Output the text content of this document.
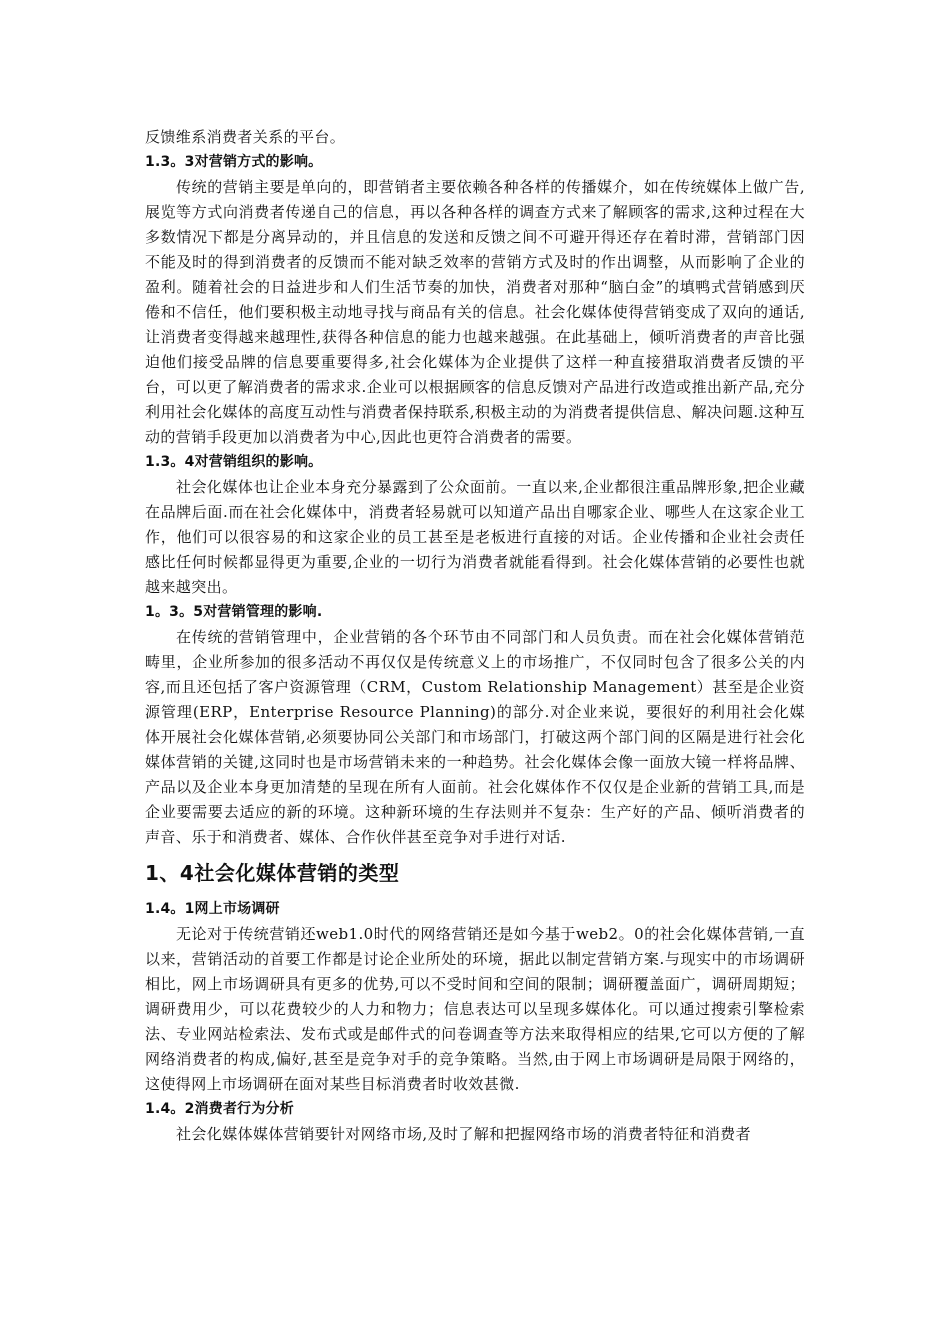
反馈维系消费者关系的平台。

1.3。3对营销方式的影响。

传统的营销主要是单向的，即营销者主要依赖各种各样的传播媒介，如在传统媒体上做广告,展览等方式向消费者传递自己的信息，再以各种各样的调查方式来了解顾客的需求,这种过程在大多数情况下都是分离异动的，并且信息的发送和反馈之间不可避开得还存在着时滞，营销部门因不能及时的得到消费者的反馈而不能对缺乏效率的营销方式及时的作出调整，从而影响了企业的盈利。随着社会的日益进步和人们生活节奏的加快，消费者对那种“脑白金”的填鸭式营销感到厌倦和不信任，他们要积极主动地寻找与商品有关的信息。社会化媒体使得营销变成了双向的通话,让消费者变得越来越理性,获得各种信息的能力也越来越强。在此基础上，倾听消费者的声音比强迫他们接受品牌的信息要重要得多,社会化媒体为企业提供了这样一种直接猎取消费者反馈的平台，可以更了解消费者的需求求.企业可以根据顾客的信息反馈对产品进行改造或推出新产品,充分利用社会化媒体的高度互动性与消费者保持联系,积极主动的为消费者提供信息、解决问题.这种互动的营销手段更加以消费者为中心,因此也更符合消费者的需要。

1.3。4对营销组织的影响。

社会化媒体也让企业本身充分暴露到了公众面前。一直以来,企业都很注重品牌形象,把企业藏在品牌后面.而在社会化媒体中，消费者轻易就可以知道产品出自哪家企业、哪些人在这家企业工作，他们可以很容易的和这家企业的员工甚至是老板进行直接的对话。企业传播和企业社会责任感比任何时候都显得更为重要,企业的一切行为消费者就能看得到。社会化媒体营销的必要性也就越来越突出。

1。3。5对营销管理的影响.

在传统的营销管理中，企业营销的各个环节由不同部门和人员负责。而在社会化媒体营销范畴里，企业所参加的很多活动不再仅仅是传统意义上的市场推广，不仅同时包含了很多公关的内容,而且还包括了客户资源管理（CRM，Custom Relationship Management）甚至是企业资源管理(ERP，Enterprise Resource Planning)的部分.对企业来说，要很好的利用社会化媒体开展社会化媒体营销,必须要协同公关部门和市场部门，打破这两个部门间的区隔是进行社会化媒体营销的关键,这同时也是市场营销未来的一种趋势。社会化媒体会像一面放大镜一样将品牌、产品以及企业本身更加清楚的呈现在所有人面前。社会化媒体作不仅仅是企业新的营销工具,而是企业要需要去适应的新的环境。这种新环境的生存法则并不复杂：生产好的产品、倾听消费者的声音、乐于和消费者、媒体、合作伙伴甚至竞争对手进行对话.

1、4社会化媒体营销的类型

1.4。1网上市场调研

无论对于传统营销还web1.0时代的网络营销还是如今基于web2。0的社会化媒体营销,一直以来，营销活动的首要工作都是讨论企业所处的环境，据此以制定营销方案.与现实中的市场调研相比，网上市场调研具有更多的优势,可以不受时间和空间的限制；调研覆盖面广，调研周期短；调研费用少，可以花费较少的人力和物力；信息表达可以呈现多媒体化。可以通过搜索引擎检索法、专业网站检索法、发布式或是邮件式的问卷调查等方法来取得相应的结果,它可以方便的了解网络消费者的构成,偏好,甚至是竞争对手的竞争策略。当然,由于网上市场调研是局限于网络的，这使得网上市场调研在面对某些目标消费者时收效甚微.

1.4。2消费者行为分析

社会化媒体媒体营销要针对网络市场,及时了解和把握网络市场的消费者特征和消费者
